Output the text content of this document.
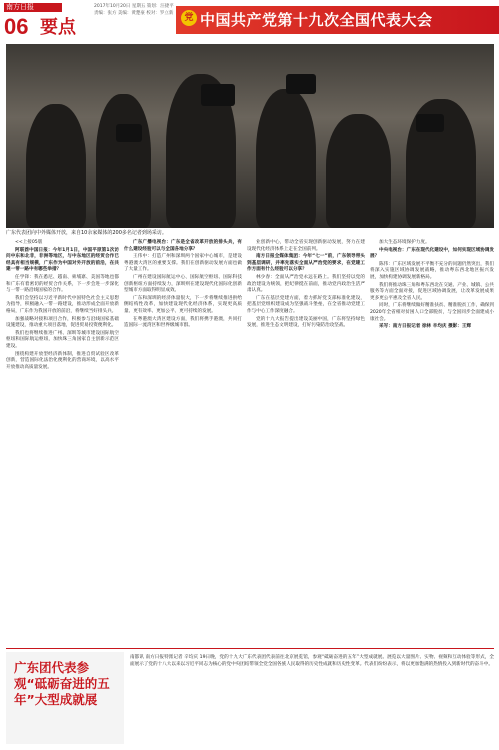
南方日报
06 要点
2017年10月20日 星期五 策划：汪捷平 责编：张方 美编：黄楚豪 校对：罗立新	党 中国共产党第十九次全国代表大会
广东代表团向中外媒体开放，来自10余家媒体的200多名记者到场采访。

<<上接05版

阿联酋中国日报：今年1月1日，中国平原第1次访问中东和北非，非洲等地区，与中东地区的经贸合作已经具有相当规模，广东作为中国对外开放的前沿，在共建一带一路中有哪些举措？

任学锋：我在悉尼、越南、柬埔寨、美国等地也都和广东有着密切的经贸合作关系，下一步会进一步深化与一带一路沿线国家的合作。

我们会坚持以习近平新时代中国特色社会主义思想为指导，积极融入一带一路建设，推动形成全面开放新格局，广东作为我国开放的前沿，将继续当好排头兵。

加强战略对接和项目合作，积极参与沿线国家基础设施建设，推动重大项目落地，促进贸易投资便利化。

我们也将继续推进广州、深圳等城市建设国际航空枢纽和国际航运枢纽，加快珠三角国家自主创新示范区建设。

围绕构建开放型经济新体制，推进自贸试验区改革创新，营造国际化法治化便利化的营商环境，以高水平开放推动高质量发展。

广东广播电视台：广东是全省改革开放的排头兵，有什么建设经验可以与全国各地分享？

王伟中：打造广州和深圳两个国家中心城市，是建设粤港澳大湾区的重要支撑。我们在创新驱动发展方面也做了大量工作。

广州在建设国际航运中心、国际航空枢纽、国际科技创新枢纽方面持续发力，深圳则在建设现代化国际化创新型城市方面取得明显成效。

广东和深圳的经济体量很大，下一步将继续推进供给侧结构性改革，加快建设现代化经济体系，实现更高质量、更有效率、更加公平、更可持续的发展。

在粤港澳大湾区建设方面，我们将携手港澳，共同打造国际一流湾区和世界级城市群。

业创新中心，带动全省实现创新驱动发展，努力在建设现代化经济体系上走在全国前列。

南方日报全媒体集团：今年“七一”前，广东领导带头到基层调研，并率先落实全面从严治党的要求，在党建工作方面有什么经验可以分享？

林少春：全面从严治党永远在路上。我们坚持以党的政治建设为统领，把纪律挺在前面，推动党内政治生活严肃认真。

广东在基层党建方面，着力抓好党支部标准化建设，把基层党组织建设成为坚强战斗堡垒，在全省推动党建工作与中心工作深度融合。

党的十九大报告提出建设美丽中国，广东将坚持绿色发展，推进生态文明建设，打好污染防治攻坚战。

加大生态环境保护力度。

中央电视台：广东在现代化建设中，如何实现区域协调发展？

陈伟：广东区域发展不平衡不充分的问题仍然突出，我们将深入实施区域协调发展战略，推动粤东西北地区振兴发展，加快构建协调发展新格局。

我们将推动珠三角和粤东西北在交通、产业、城镇、公共服务等方面全面对接，促进区域协调发展，让改革发展成果更多更公平惠及全省人民。

同时，广东将继续做好精准扶贫、精准脱贫工作，确保到2020年全省相对贫困人口全部脱贫，与全国同步全面建成小康社会。

采写：南方日报记者 徐林 辛均庆 摄影：王辉

广东团代表参观“砥砺奋进的五年”大型成就展
南都讯 南方日报特派记者 辛均庆 19日晚，党的十九大广东代表团代表前往北京展览馆，参观“砥砺奋进的五年”大型成就展。展览以大量图片、实物、视频和互动体验等形式，全面展示了党的十八大以来以习近平同志为核心的党中央团结带领全党全国各族人民取得的历史性成就和历史性变革。代表们纷纷表示，将以更加饱满的热情投入到新时代的奋斗中。
